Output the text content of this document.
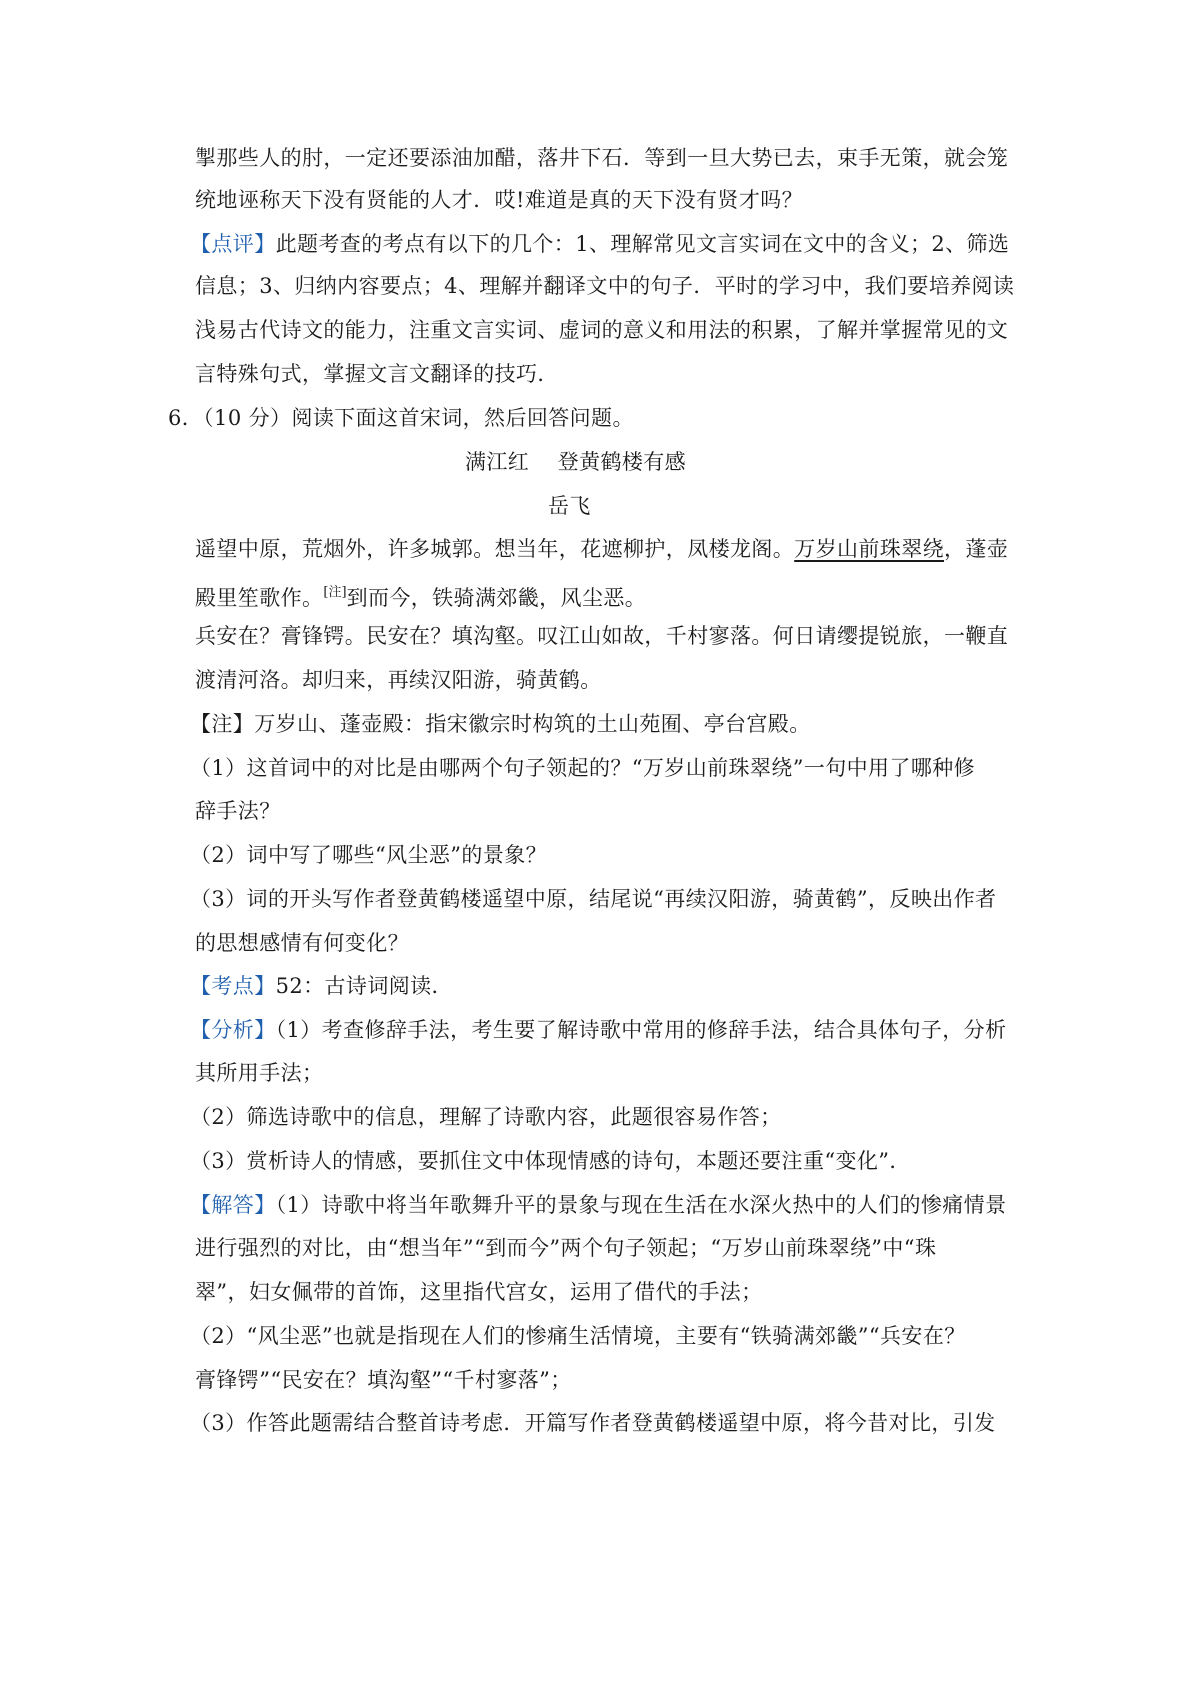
掣那些人的肘，一定还要添油加醋，落井下石．等到一旦大势已去，束手无策，就会笼
统地诬称天下没有贤能的人才．哎!难道是真的天下没有贤才吗？
【点评】此题考查的考点有以下的几个：1、理解常见文言实词在文中的含义；2、筛选
信息；3、归纳内容要点；4、理解并翻译文中的句子．平时的学习中，我们要培养阅读
浅易古代诗文的能力，注重文言实词、虚词的意义和用法的积累，了解并掌握常见的文
言特殊句式，掌握文言文翻译的技巧．
6．（10 分）阅读下面这首宋词，然后回答问题。
满江红　 登黄鹤楼有感
岳飞
遥望中原，荒烟外，许多城郭。想当年，花遮柳护，凤楼龙阁。万岁山前珠翠绕，蓬壶
殿里笙歌作。[注]到而今，铁骑满郊畿，风尘恶。
兵安在？膏锋锷。民安在？填沟壑。叹江山如故，千村寥落。何日请缨提锐旅，一鞭直
渡清河洛。却归来，再续汉阳游，骑黄鹤。
【注】万岁山、蓬壶殿：指宋徽宗时构筑的土山苑囿、亭台宫殿。
（1）这首词中的对比是由哪两个句子领起的？“万岁山前珠翠绕”一句中用了哪种修
辞手法？
（2）词中写了哪些“风尘恶”的景象？
（3）词的开头写作者登黄鹤楼遥望中原，结尾说“再续汉阳游，骑黄鹤”，反映出作者
的思想感情有何变化？
【考点】52：古诗词阅读．
【分析】（1）考查修辞手法，考生要了解诗歌中常用的修辞手法，结合具体句子，分析
其所用手法；
（2）筛选诗歌中的信息，理解了诗歌内容，此题很容易作答；
（3）赏析诗人的情感，要抓住文中体现情感的诗句，本题还要注重“变化”．
【解答】（1）诗歌中将当年歌舞升平的景象与现在生活在水深火热中的人们的惨痛情景
进行强烈的对比，由“想当年”“到而今”两个句子领起；“万岁山前珠翠绕”中“珠
翠”，妇女佩带的首饰，这里指代宫女，运用了借代的手法；
（2）“风尘恶”也就是指现在人们的惨痛生活情境，主要有“铁骑满郊畿”“兵安在？
膏锋锷”“民安在？填沟壑”“千村寥落”；
（3）作答此题需结合整首诗考虑．开篇写作者登黄鹤楼遥望中原，将今昔对比，引发
